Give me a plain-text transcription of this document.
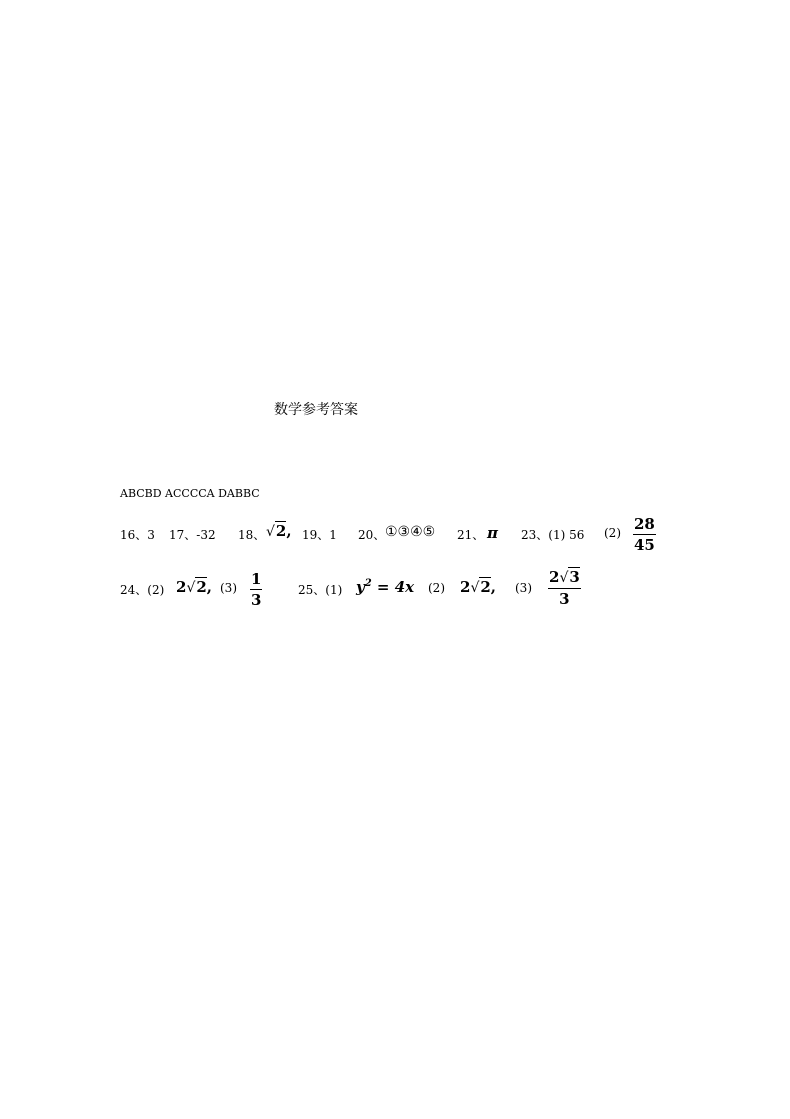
数学参考答案
ABCBD ACCCCA DABBC
16、3 17、-32 18、 √2, 19、1 20、 ①③④⑤ 21、 π 23、(1) 56 $(2) \frac{28}{45}$
24、(2) 2√2, $(3) \frac{1}{3}$	25、(1) $y^2 = 4x$ (2) 2√2, $(3) \frac{2√3}{3}$
